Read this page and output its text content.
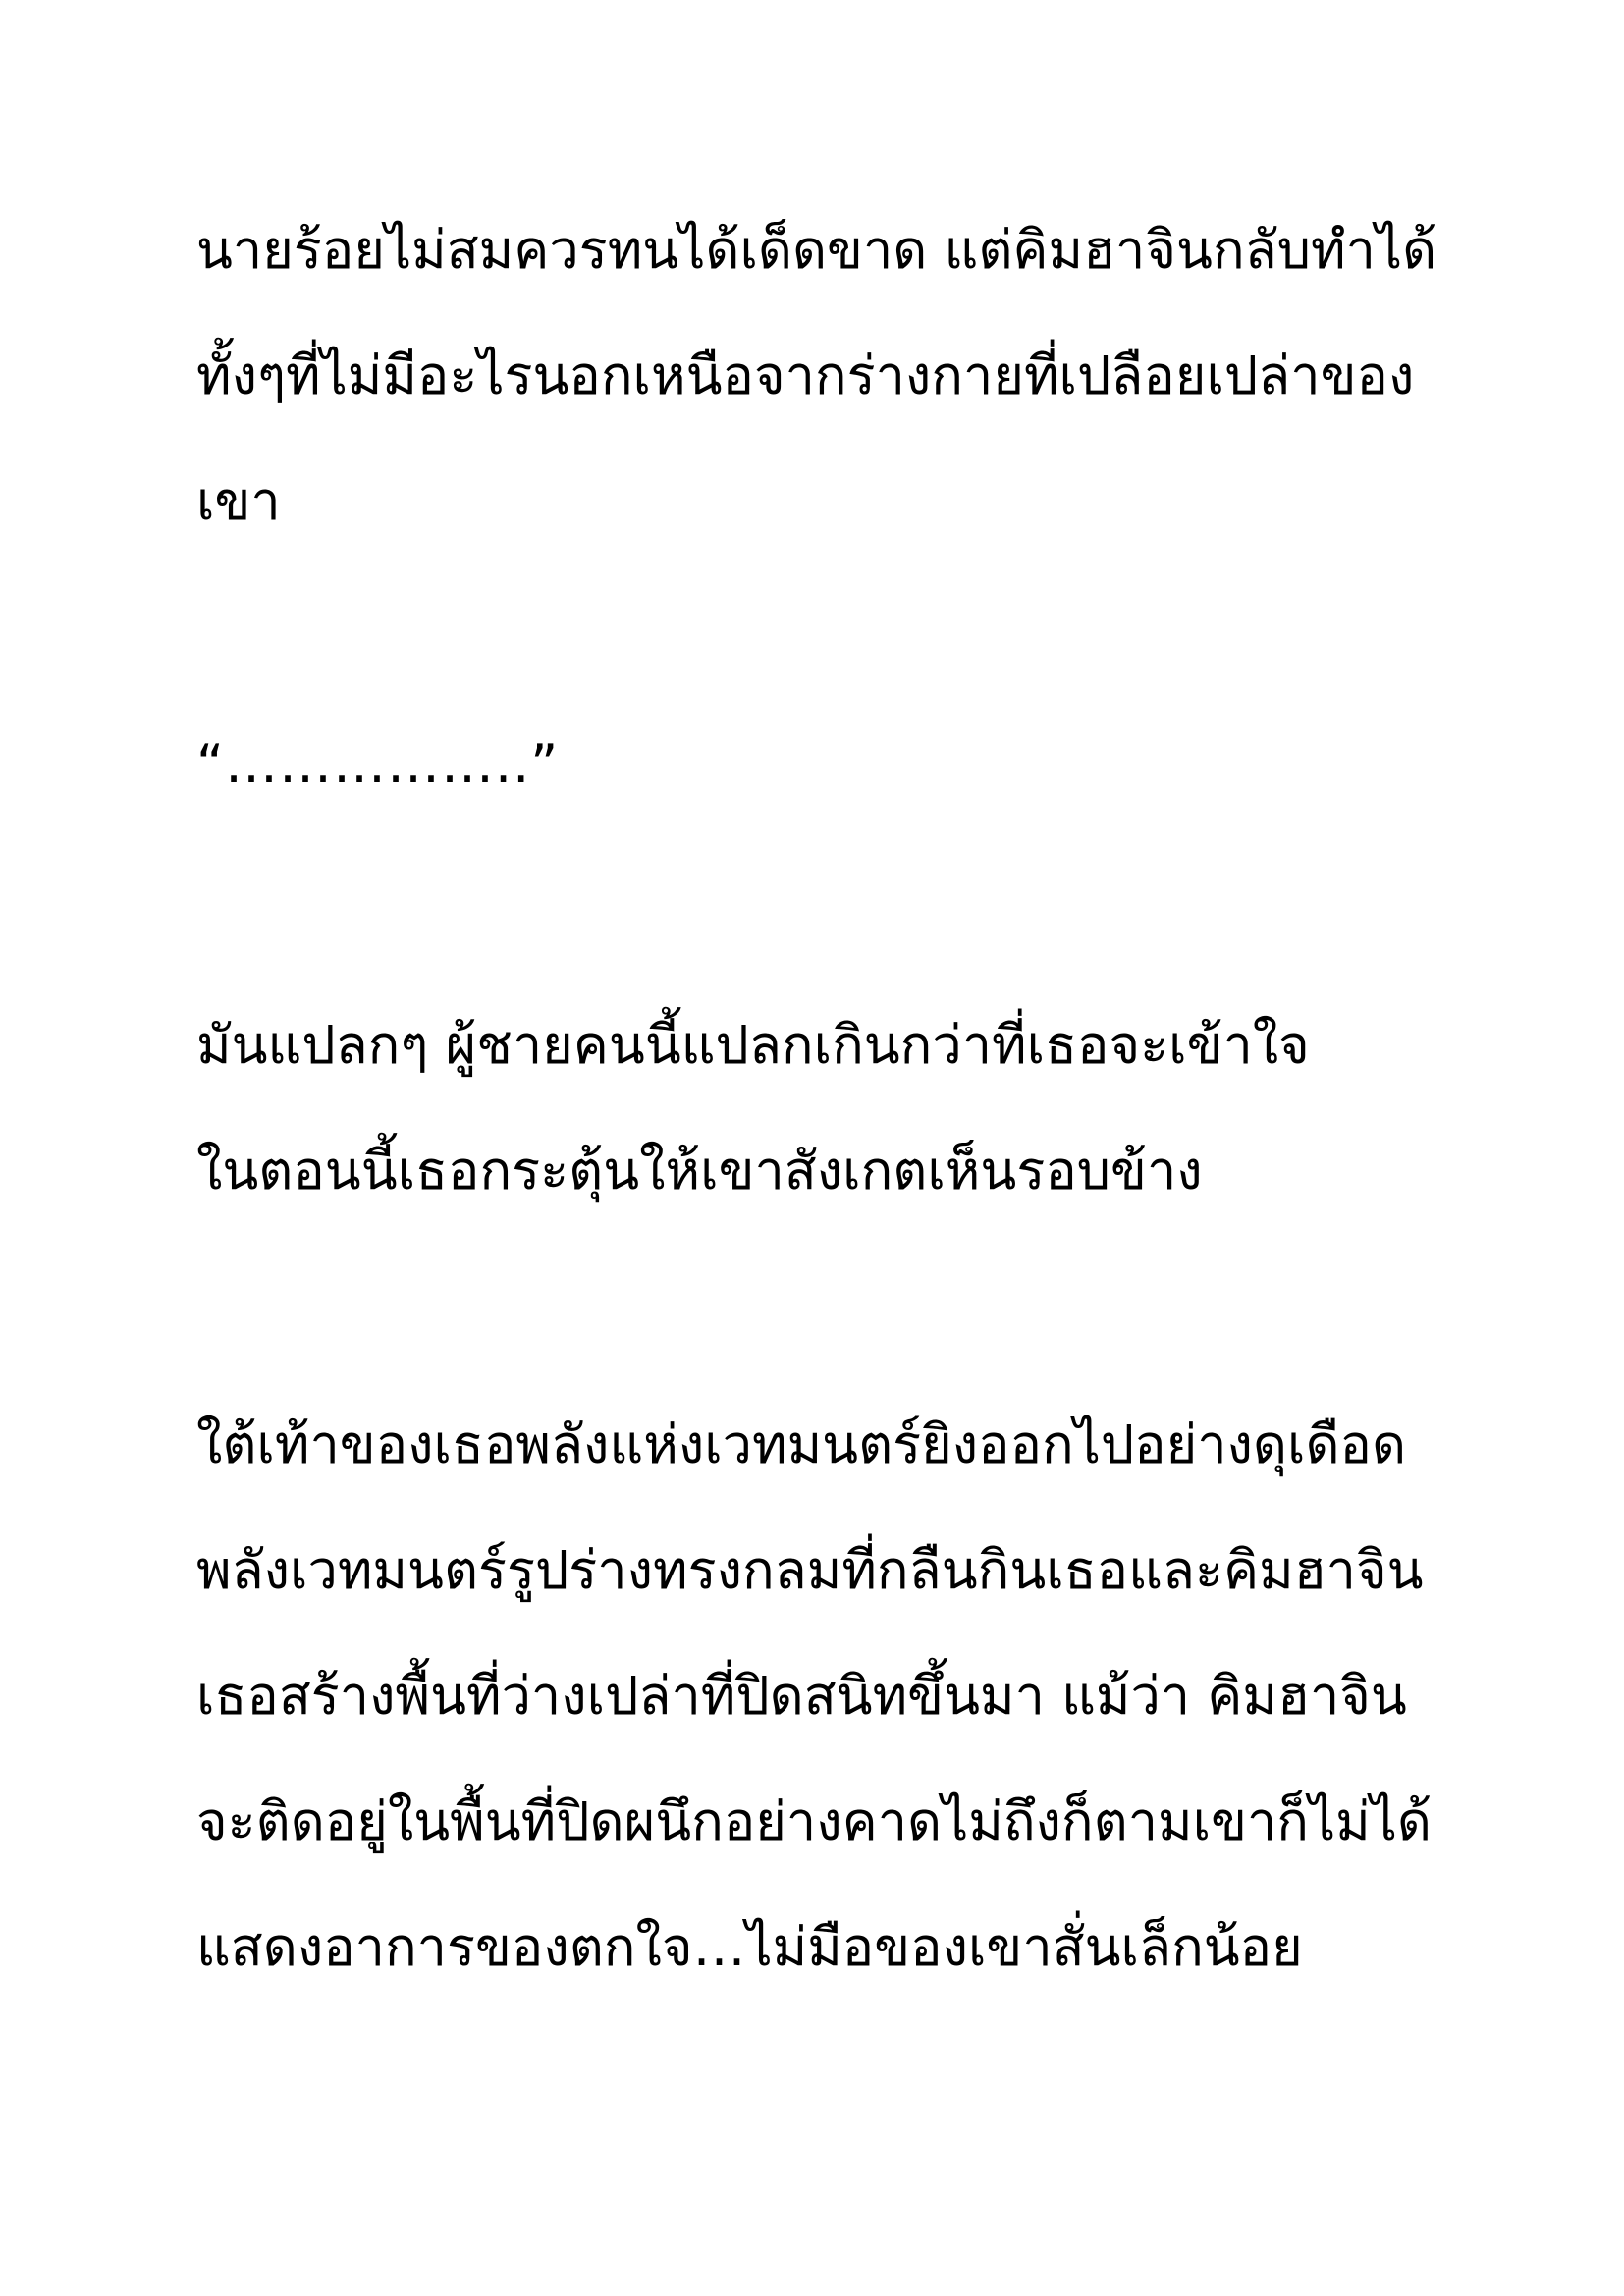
นายร้อยไม่สมควรทนได้เด็ดขาด แต่คิมฮาจินกลับทำได้

ทั้งๆที่ไม่มีอะไรนอกเหนือจากร่างกายที่เปลือยเปล่าของ

เขา

“……………..”

มันแปลกๆ ผู้ชายคนนี้แปลกเกินกว่าที่เธอจะเข้าใจ

ในตอนนี้เธอกระตุ้นให้เขาสังเกตเห็นรอบข้าง

ใต้เท้าของเธอพลังแห่งเวทมนตร์ยิงออกไปอย่างดุเดือด

พลังเวทมนตร์รูปร่างทรงกลมที่กลืนกินเธอและคิมฮาจิน

เธอสร้างพื้นที่ว่างเปล่าที่ปิดสนิทขึ้นมา แม้ว่า คิมฮาจิน

จะติดอยู่ในพื้นที่ปิดผนึกอย่างคาดไม่ถึงก็ตามเขาก็ไม่ได้

แสดงอาการของตกใจ…ไม่มือของเขาสั่นเล็กน้อย
